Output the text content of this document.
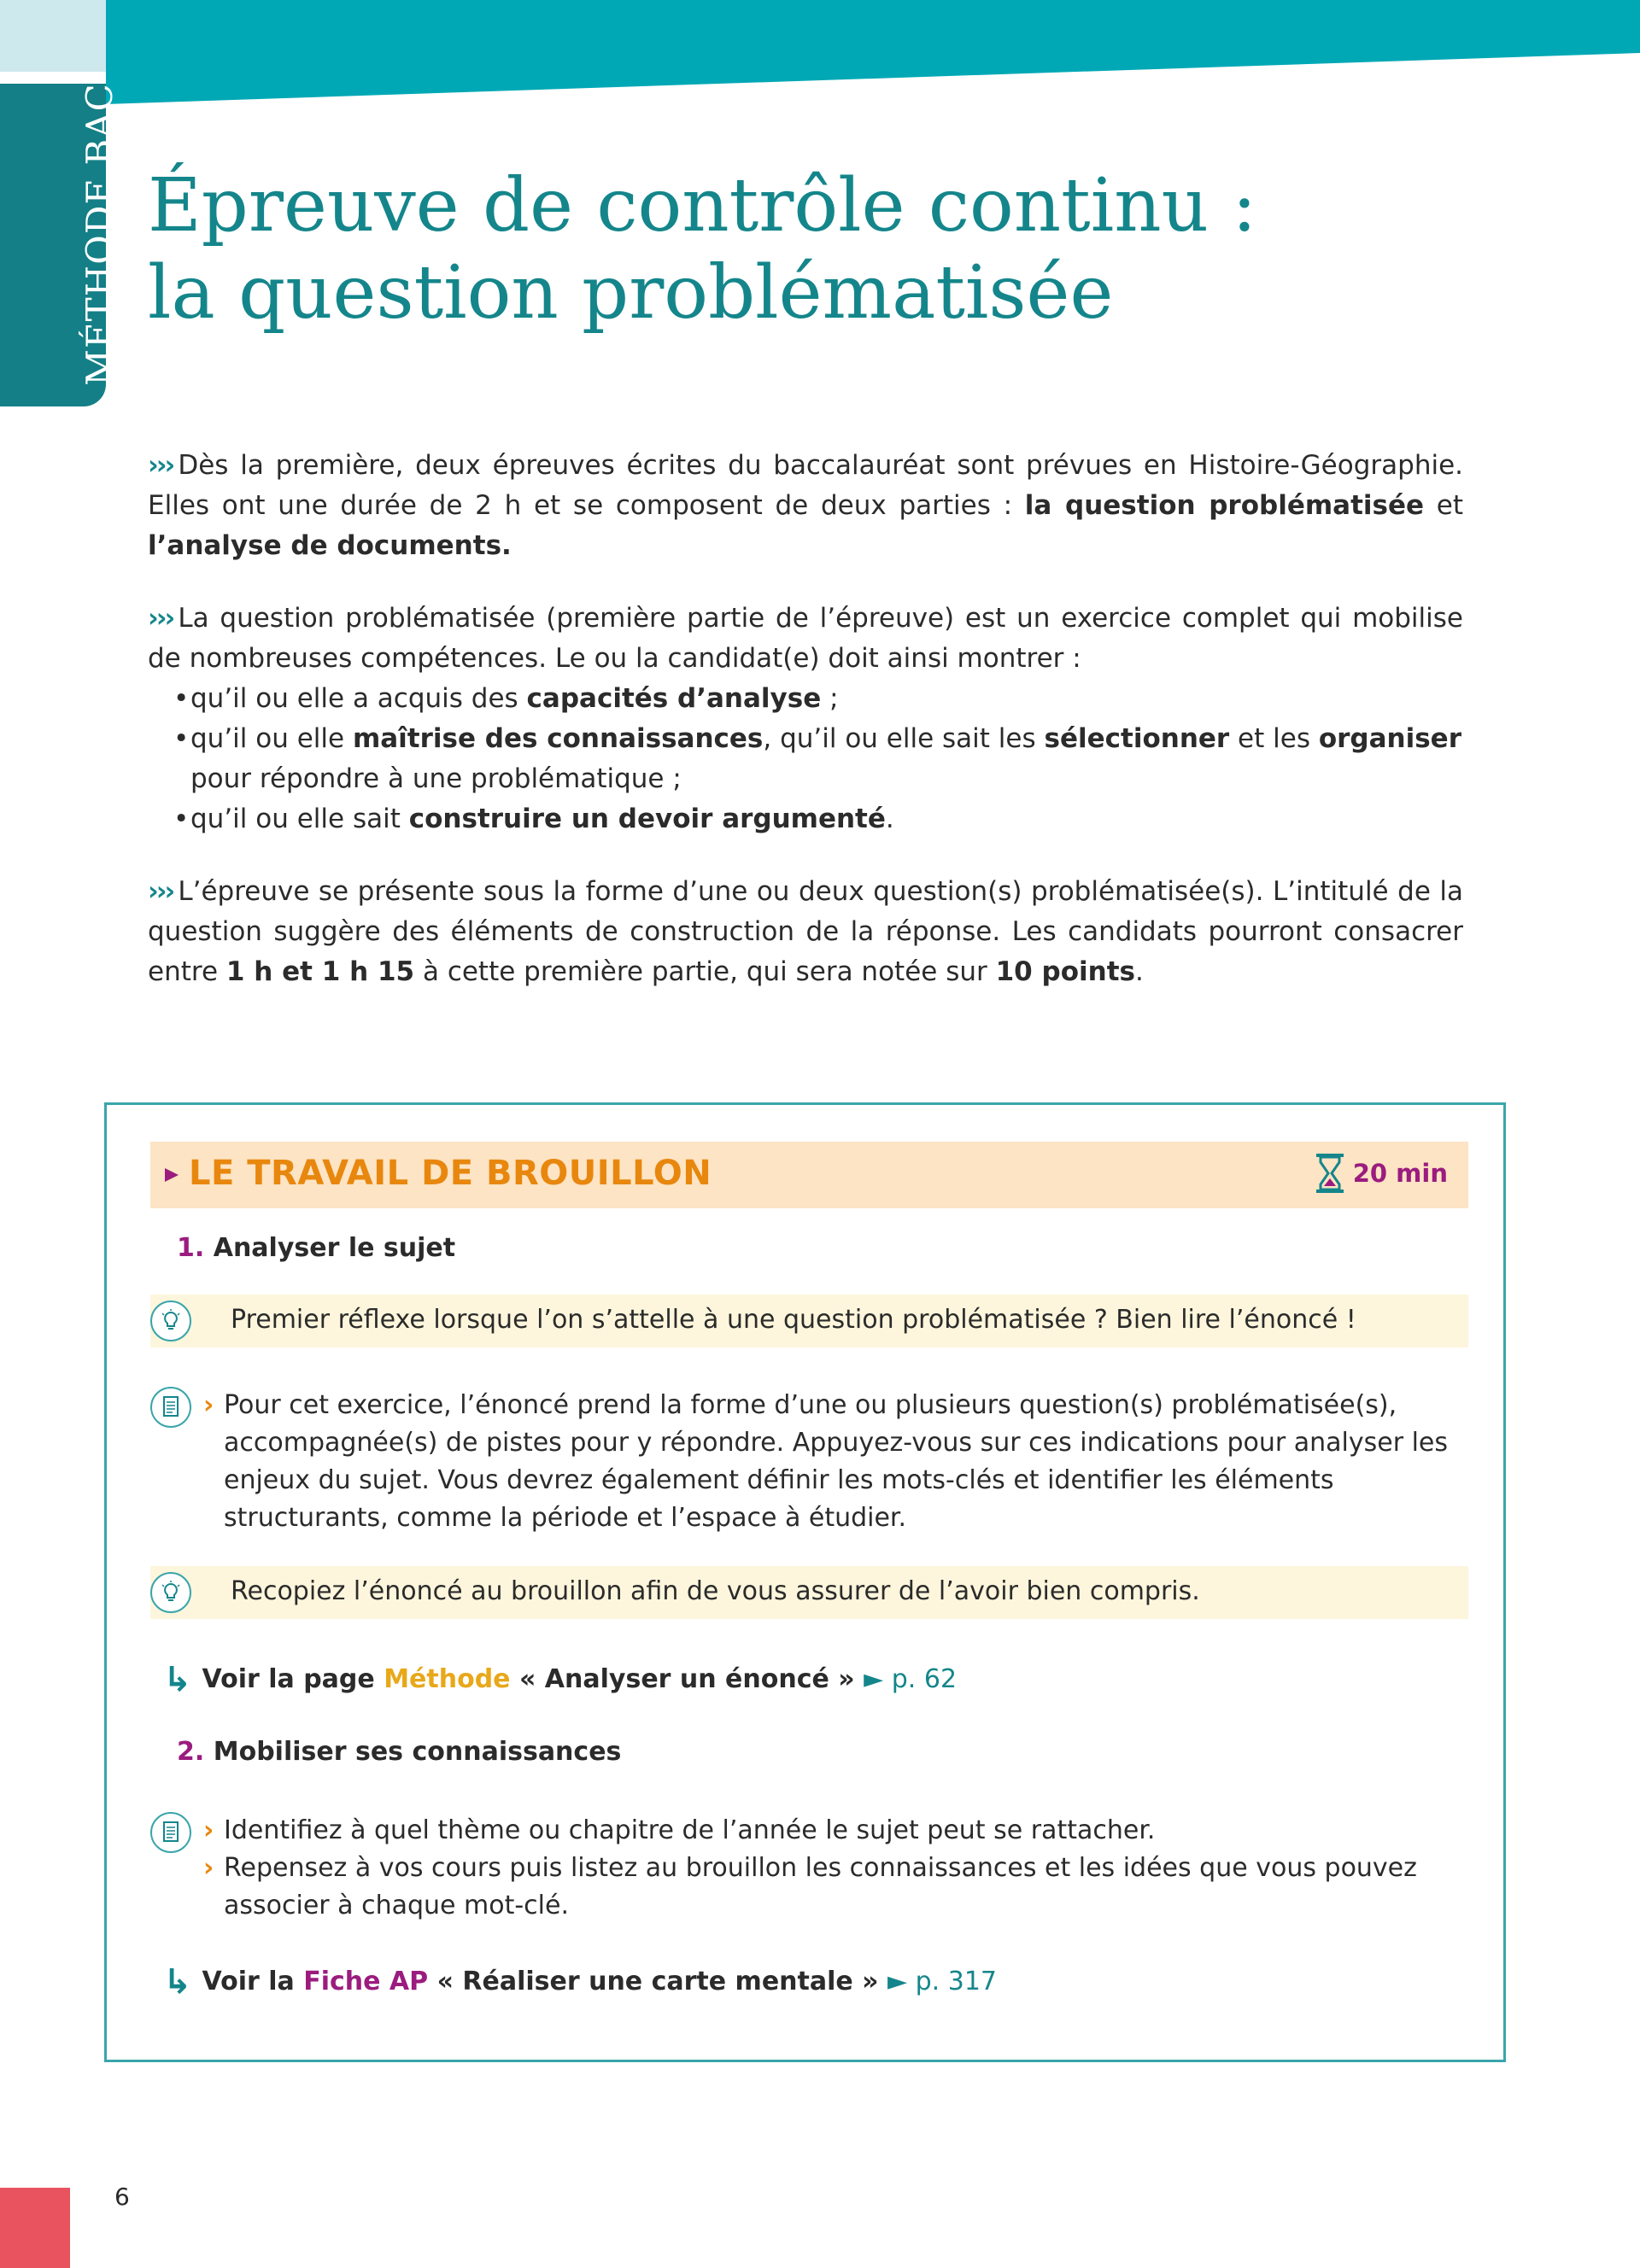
MÉTHODE BAC Épreuve de contrôle continu :
la question problématisée

››› Dès la première, deux épreuves écrites du baccalauréat sont prévues en Histoire-Géographie. Elles ont une durée de 2 h et se composent de deux parties : la question problématisée et l’analyse de documents.

››› La question problématisée (première partie de l’épreuve) est un exercice complet qui mobilise de nombreuses compétences. Le ou la candidat(e) doit ainsi montrer :

• qu’il ou elle a acquis des capacités d’analyse ;
• qu’il ou elle maîtrise des connaissances, qu’il ou elle sait les sélectionner et les organiser pour répondre à une problématique ;
• qu’il ou elle sait construire un devoir argumenté.

››› L’épreuve se présente sous la forme d’une ou deux question(s) problématisée(s). L’intitulé de la question suggère des éléments de construction de la réponse. Les candidats pourront consacrer entre 1 h et 1 h 15 à cette première partie, qui sera notée sur 10 points.

LE TRAVAIL DE BROUILLON	20 min
1. Analyser le sujet
Premier réflexe lorsque l’on s’attelle à une question problématisée ? Bien lire l’énoncé !

› Pour cet exercice, l’énoncé prend la forme d’une ou plusieurs question(s) problématisée(s), accompagnée(s) de pistes pour y répondre. Appuyez-vous sur ces indications pour analyser les enjeux du sujet. Vous devrez également définir les mots-clés et identifier les éléments structurants, comme la période et l’espace à étudier.

Recopiez l’énoncé au brouillon afin de vous assurer de l’avoir bien compris.
↳ Voir la page Méthode « Analyser un énoncé » ► p. 62
2. Mobiliser ses connaissances

› Identifiez à quel thème ou chapitre de l’année le sujet peut se rattacher.

› Repensez à vos cours puis listez au brouillon les connaissances et les idées que vous pouvez associer à chaque mot-clé.

↳ Voir la Fiche AP « Réaliser une carte mentale » ► p. 317
6
